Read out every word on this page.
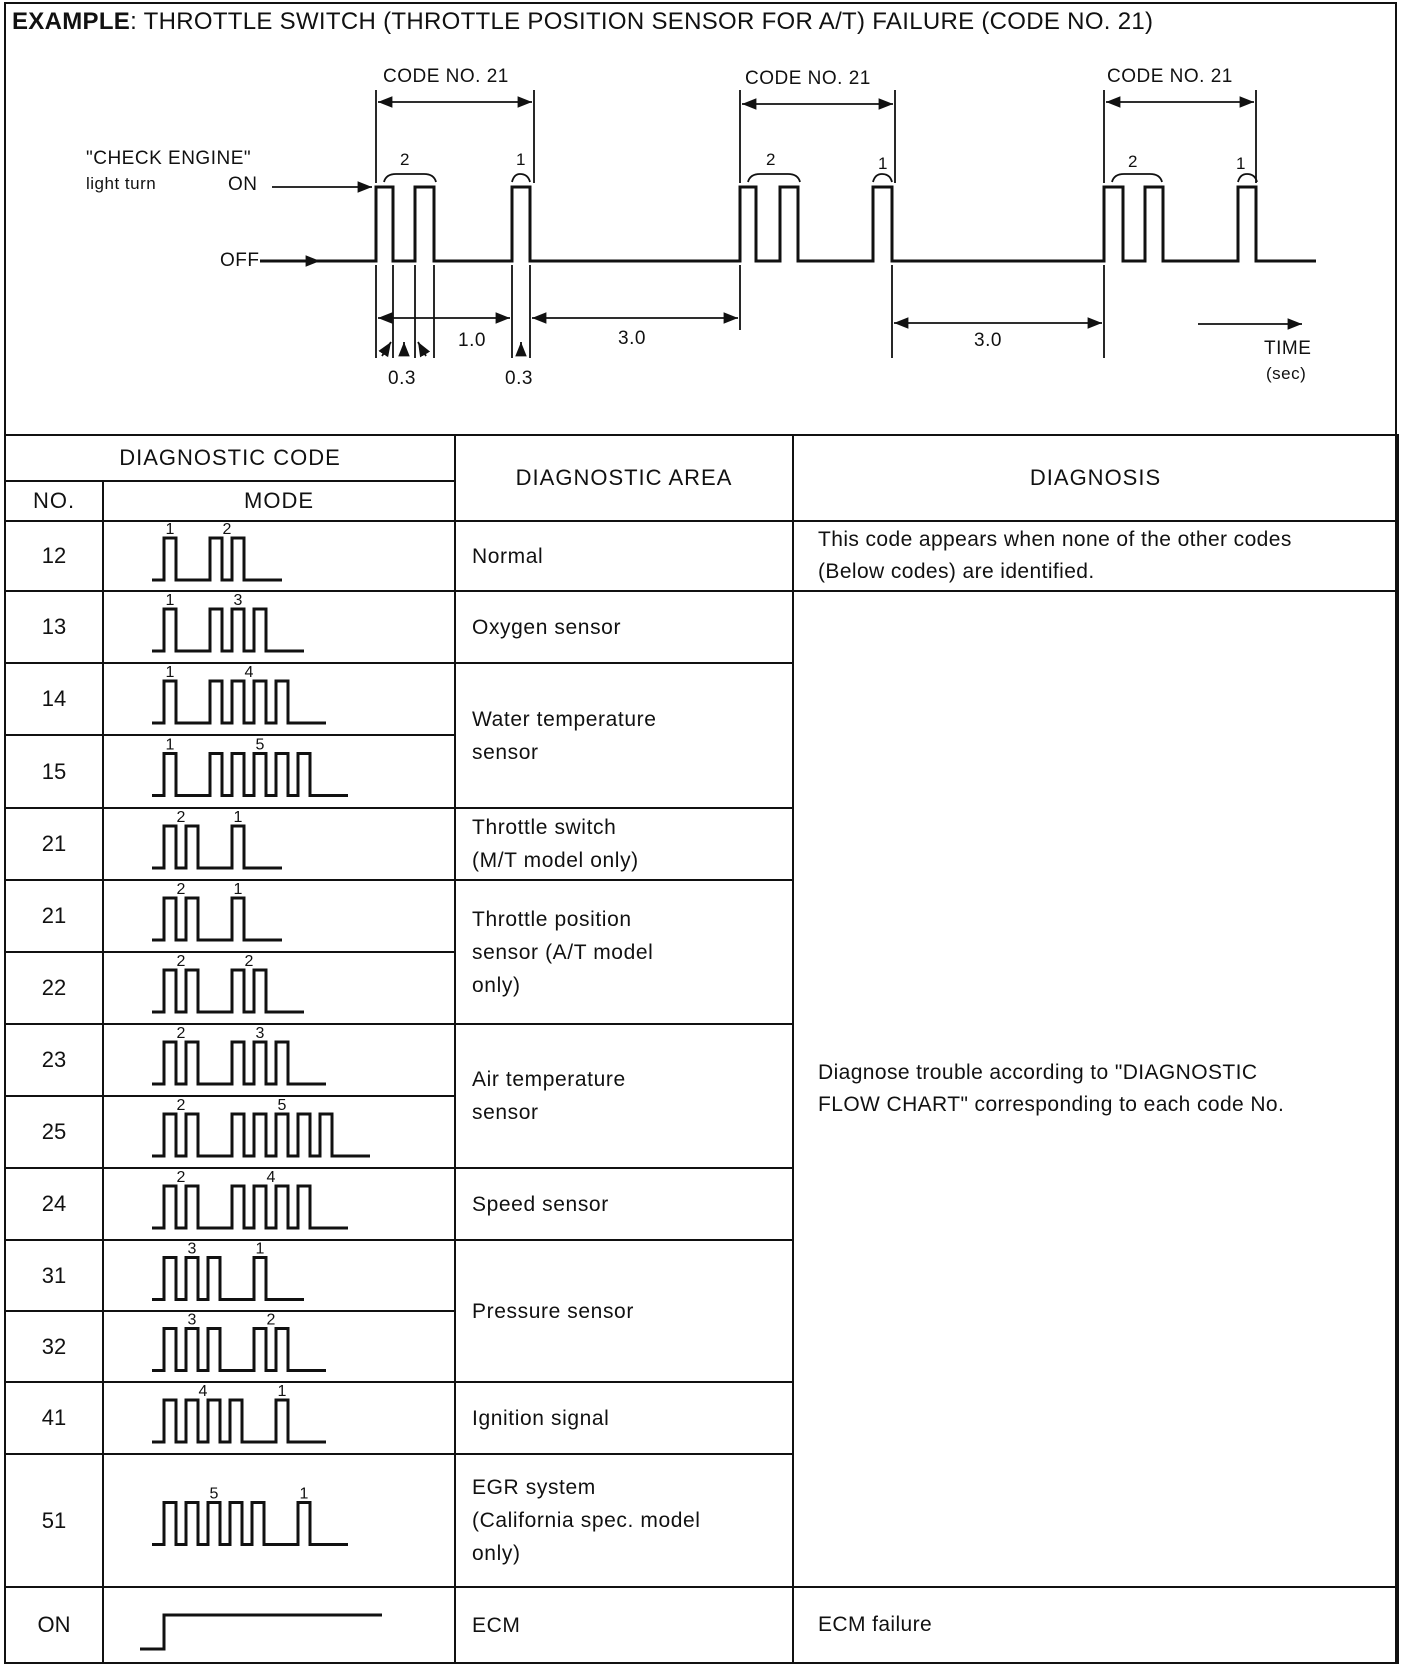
EXAMPLE: THROTTLE SWITCH (THROTTLE POSITION SENSOR FOR A/T) FAILURE (CODE NO. 21)
CODE NO. 21	CODE NO. 21	CODE NO. 21
2	1	2	1	2	1
"CHECK ENGINE"
light turn	ON
OFF
1.0	3.0	3.0
0.3	0.3
TIME
(sec)
DIAGNOSTIC CODE		DIAGNOSTIC AREA	DIAGNOSIS
NO.	MODE		
12	1 2	Normal	This code appears when none of the other codes
(Below codes) are identified.
13	1 3	Oxygen sensor	Diagnose trouble according to "DIAGNOSTIC
FLOW CHART" corresponding to each code No.
14	1 4	Water temperature
sensor	
15	1 5		

21	2 1	Throttle switch
(M/T model only)	
21	2 1	Throttle position
sensor (A/T model
only)	
22	2 2		

23	2 3	Air temperature
sensor	
25	2 5		

24	2 4	Speed sensor	
31	3 1	Pressure sensor	
32	3 2		

41	4 1	Ignition signal	
51	5 1	EGR system
(California spec. model
only)	
ON		ECM	ECM failure
